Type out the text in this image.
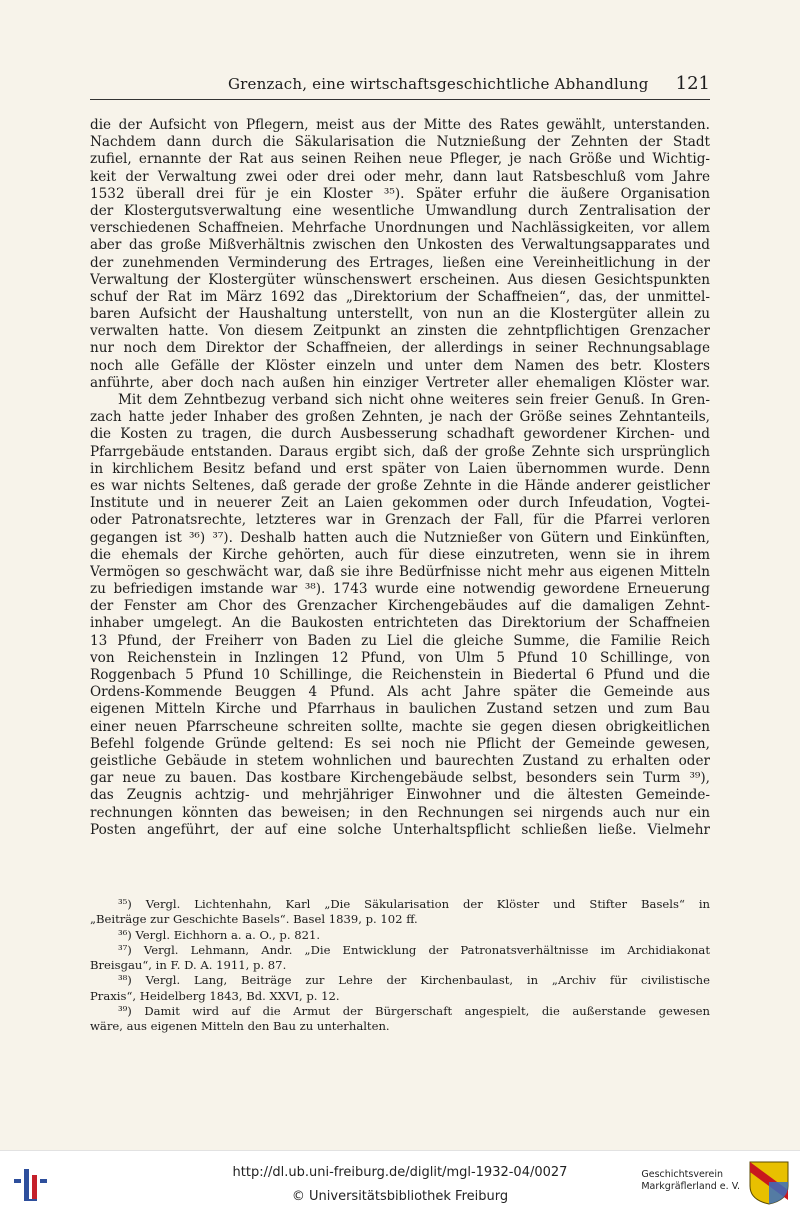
Grenzach, eine wirtschaftsgeschichtliche Abhandlung 121
die der Aufsicht von Pflegern, meist aus der Mitte des Rates gewählt, unterstanden.
Nachdem dann durch die Säkularisation die Nutznießung der Zehnten der Stadt
zufiel, ernannte der Rat aus seinen Reihen neue Pfleger, je nach Größe und Wichtig-
keit der Verwaltung zwei oder drei oder mehr, dann laut Ratsbeschluß vom Jahre
1532 überall drei für je ein Kloster ³⁵). Später erfuhr die äußere Organisation
der Klostergutsverwaltung eine wesentliche Umwandlung durch Zentralisation der
verschiedenen Schaffneien. Mehrfache Unordnungen und Nachlässigkeiten, vor allem
aber das große Mißverhältnis zwischen den Unkosten des Verwaltungsapparates und
der zunehmenden Verminderung des Ertrages, ließen eine Vereinheitlichung in der
Verwaltung der Klostergüter wünschenswert erscheinen. Aus diesen Gesichtspunkten
schuf der Rat im März 1692 das „Direktorium der Schaffneien“, das, der unmittel-
baren Aufsicht der Haushaltung unterstellt, von nun an die Klostergüter allein zu
verwalten hatte. Von diesem Zeitpunkt an zinsten die zehntpflichtigen Grenzacher
nur noch dem Direktor der Schaffneien, der allerdings in seiner Rechnungsablage
noch alle Gefälle der Klöster einzeln und unter dem Namen des betr. Klosters
anführte, aber doch nach außen hin einziger Vertreter aller ehemaligen Klöster war.
Mit dem Zehntbezug verband sich nicht ohne weiteres sein freier Genuß. In Gren-
zach hatte jeder Inhaber des großen Zehnten, je nach der Größe seines Zehntanteils,
die Kosten zu tragen, die durch Ausbesserung schadhaft gewordener Kirchen- und
Pfarrgebäude entstanden. Daraus ergibt sich, daß der große Zehnte sich ursprünglich
in kirchlichem Besitz befand und erst später von Laien übernommen wurde. Denn
es war nichts Seltenes, daß gerade der große Zehnte in die Hände anderer geistlicher
Institute und in neuerer Zeit an Laien gekommen oder durch Infeudation, Vogtei-
oder Patronatsrechte, letzteres war in Grenzach der Fall, für die Pfarrei verloren
gegangen ist ³⁶) ³⁷). Deshalb hatten auch die Nutznießer von Gütern und Einkünften,
die ehemals der Kirche gehörten, auch für diese einzutreten, wenn sie in ihrem
Vermögen so geschwächt war, daß sie ihre Bedürfnisse nicht mehr aus eigenen Mitteln
zu befriedigen imstande war ³⁸). 1743 wurde eine notwendig gewordene Erneuerung
der Fenster am Chor des Grenzacher Kirchengebäudes auf die damaligen Zehnt-
inhaber umgelegt. An die Baukosten entrichteten das Direktorium der Schaffneien
13 Pfund, der Freiherr von Baden zu Liel die gleiche Summe, die Familie Reich
von Reichenstein in Inzlingen 12 Pfund, von Ulm 5 Pfund 10 Schillinge, von
Roggenbach 5 Pfund 10 Schillinge, die Reichenstein in Biedertal 6 Pfund und die
Ordens-Kommende Beuggen 4 Pfund. Als acht Jahre später die Gemeinde aus
eigenen Mitteln Kirche und Pfarrhaus in baulichen Zustand setzen und zum Bau
einer neuen Pfarrscheune schreiten sollte, machte sie gegen diesen obrigkeitlichen
Befehl folgende Gründe geltend: Es sei noch nie Pflicht der Gemeinde gewesen,
geistliche Gebäude in stetem wohnlichen und baurechten Zustand zu erhalten oder
gar neue zu bauen. Das kostbare Kirchengebäude selbst, besonders sein Turm ³⁹),
das Zeugnis achtzig- und mehrjähriger Einwohner und die ältesten Gemeinde-
rechnungen könnten das beweisen; in den Rechnungen sei nirgends auch nur ein
Posten angeführt, der auf eine solche Unterhaltspflicht schließen ließe. Vielmehr
³⁵) Vergl. Lichtenhahn, Karl „Die Säkularisation der Klöster und Stifter Basels“ in
„Beiträge zur Geschichte Basels“. Basel 1839, p. 102 ff.
³⁶) Vergl. Eichhorn a. a. O., p. 821.
³⁷) Vergl. Lehmann, Andr. „Die Entwicklung der Patronatsverhältnisse im Archidiakonat
Breisgau“, in F. D. A. 1911, p. 87.
³⁸) Vergl. Lang, Beiträge zur Lehre der Kirchenbaulast, in „Archiv für civilistische
Praxis“, Heidelberg 1843, Bd. XXVI, p. 12.
³⁹) Damit wird auf die Armut der Bürgerschaft angespielt, die außerstande gewesen
wäre, aus eigenen Mitteln den Bau zu unterhalten.
http://dl.ub.uni-freiburg.de/diglit/mgl-1932-04/0027
© Universitätsbibliothek Freiburg
Geschichtsverein
Markgräflerland e. V.
